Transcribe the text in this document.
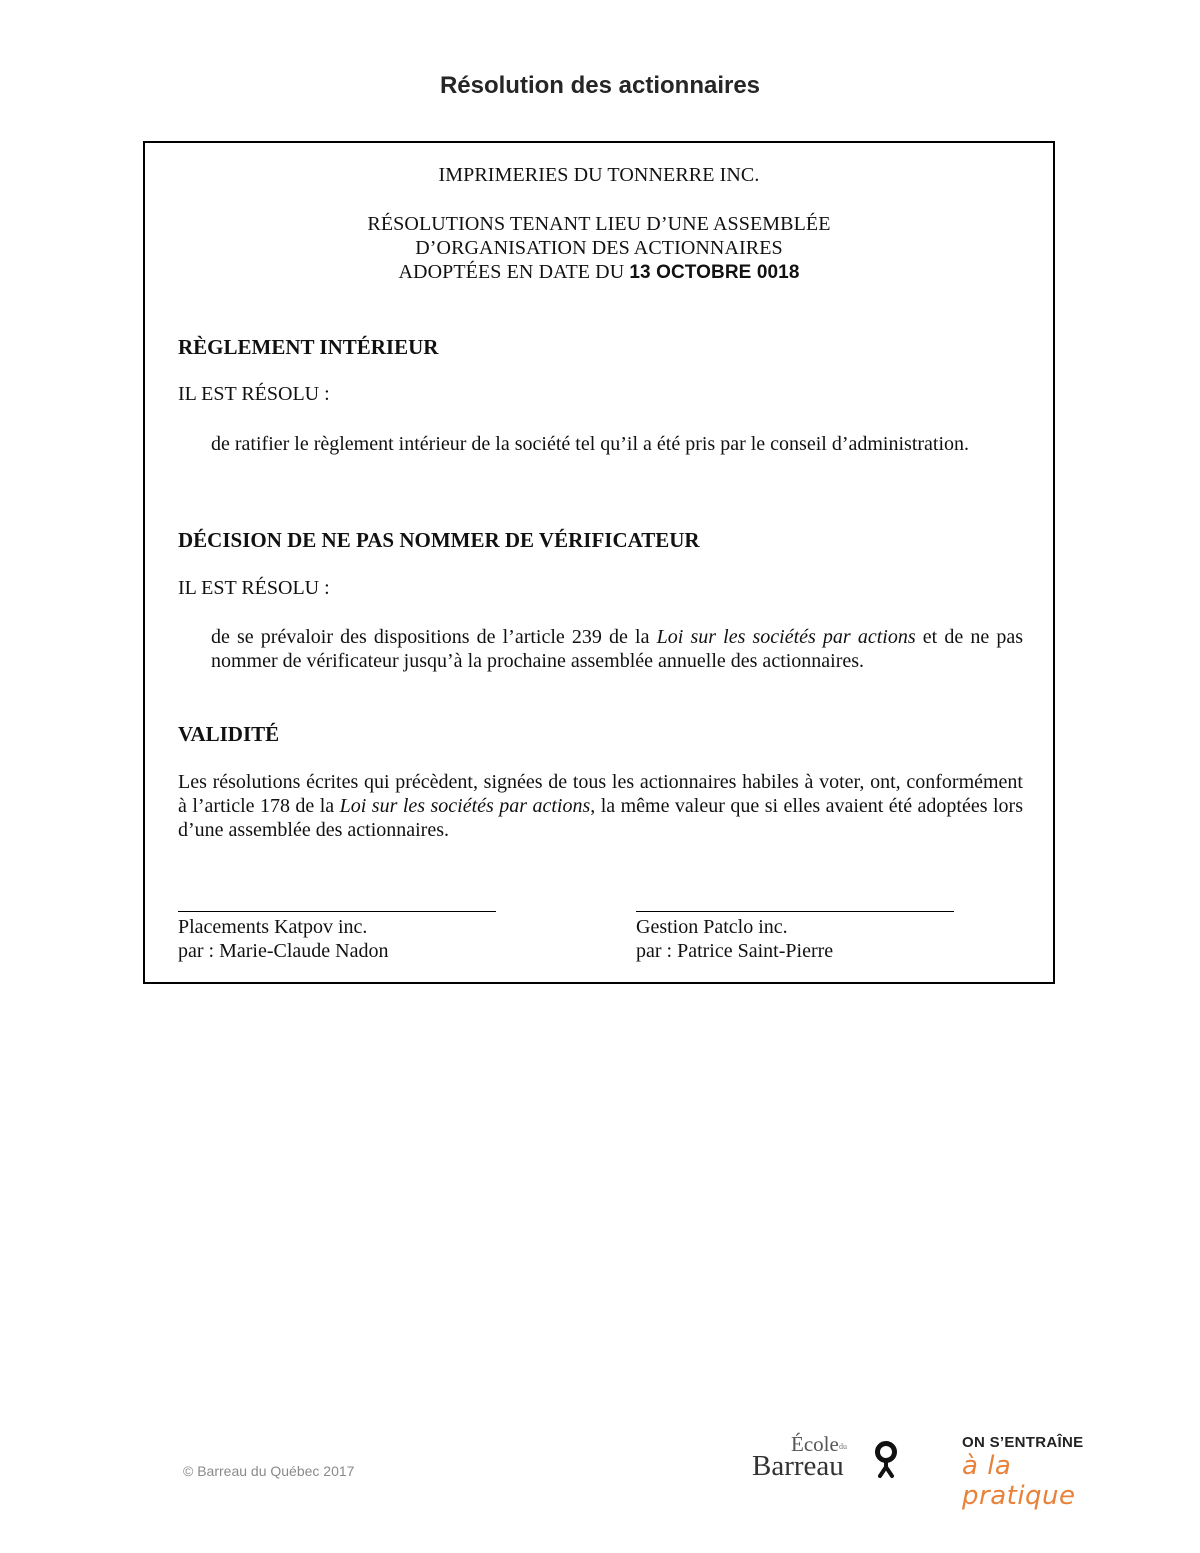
Résolution des actionnaires
IMPRIMERIES DU TONNERRE INC.
RÉSOLUTIONS TENANT LIEU D’UNE ASSEMBLÉE
D’ORGANISATION DES ACTIONNAIRES
ADOPTÉES EN DATE DU 13 OCTOBRE 0018
RÈGLEMENT INTÉRIEUR
IL EST RÉSOLU :
de ratifier le règlement intérieur de la société tel qu’il a été pris par le conseil d’administration.
DÉCISION DE NE PAS NOMMER DE VÉRIFICATEUR
IL EST RÉSOLU :
de se prévaloir des dispositions de l’article 239 de la Loi sur les sociétés par actions et de ne pas nommer de vérificateur jusqu’à la prochaine assemblée annuelle des actionnaires.
VALIDITÉ
Les résolutions écrites qui précèdent, signées de tous les actionnaires habiles à voter, ont, conformément à l’article 178 de la Loi sur les sociétés par actions, la même valeur que si elles avaient été adoptées lors d’une assemblée des actionnaires.
Placements Katpov inc.
par : Marie-Claude Nadon
Gestion Patclo inc.
par : Patrice Saint-Pierre
© Barreau du Québec 2017
École du
Barreau
ON S’ENTRAÎNE
à la pratique
